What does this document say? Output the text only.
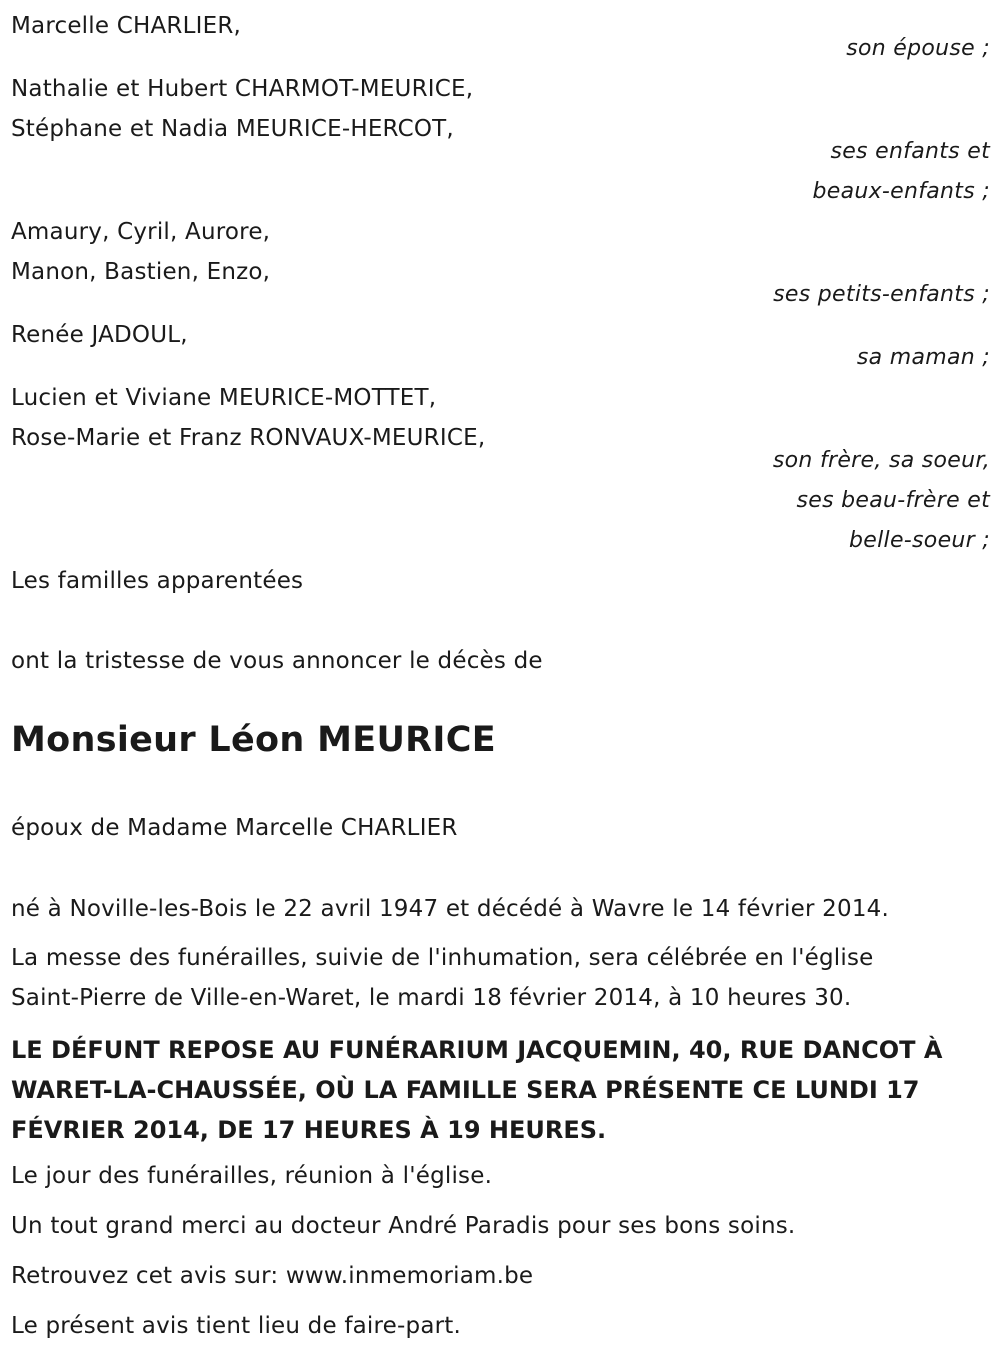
Marcelle CHARLIER,
son épouse ;
Nathalie et Hubert CHARMOT-MEURICE,
Stéphane et Nadia MEURICE-HERCOT,
ses enfants et
beaux-enfants ;
Amaury, Cyril, Aurore,
Manon, Bastien, Enzo,
ses petits-enfants ;
Renée JADOUL,
sa maman ;
Lucien et Viviane MEURICE-MOTTET,
Rose-Marie et Franz RONVAUX-MEURICE,
son frère, sa soeur,
ses beau-frère et
belle-soeur ;
Les familles apparentées
ont la tristesse de vous annoncer le décès de
Monsieur Léon MEURICE
époux de Madame Marcelle CHARLIER
né à Noville-les-Bois le 22 avril 1947 et décédé à Wavre le 14 février 2014.
La messe des funérailles, suivie de l'inhumation, sera célébrée en l'église
Saint-Pierre de Ville-en-Waret, le mardi 18 février 2014, à 10 heures 30.
LE DÉFUNT REPOSE AU FUNÉRARIUM JACQUEMIN, 40, RUE DANCOT À
WARET-LA-CHAUSSÉE, OÙ LA FAMILLE SERA PRÉSENTE CE LUNDI 17
FÉVRIER 2014, DE 17 HEURES À 19 HEURES.
Le jour des funérailles, réunion à l'église.
Un tout grand merci au docteur André Paradis pour ses bons soins.
Retrouvez cet avis sur: www.inmemoriam.be
Le présent avis tient lieu de faire-part.
